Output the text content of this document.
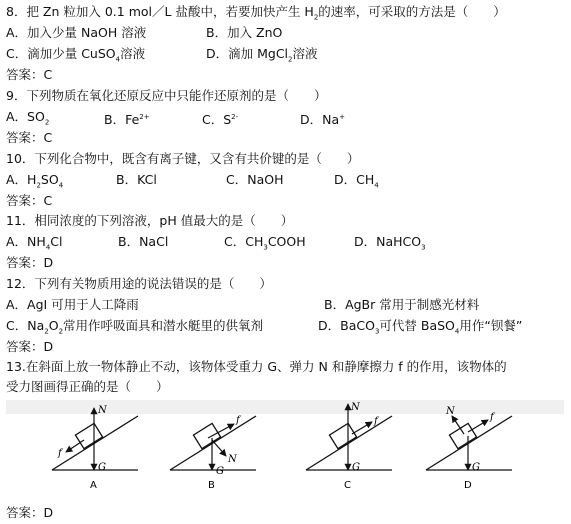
8．把 Zn 粒加入 0.1 mol／L 盐酸中，若要加快产生 $H_2$的速率，可采取的方法是（　　）
A．加入少量 NaOH 溶液	B．加入 ZnO
C．滴加少量 CuSO$_4$溶液	D．滴加 MgCl$_2$溶液
答案：C
9．下列物质在氧化还原反应中只能作还原剂的是（　　）
A．$SO_2$	B．$Fe^{2+}$	C．$S^{2-}$	D．Na+
答案：C
10．下列化合物中，既含有离子键，又含有共价键的是（　　）
A．$H_2SO_4$	B．KCl	C．NaOH	D．$CH_4$
答案：C
11．相同浓度的下列溶液，pH 值最大的是（　　）
A．$NH_4Cl$	B．NaCl	C．$CH_3COOH$	D．NaHCO$_3$
答案：D
12．下列有关物质用途的说法错误的是（　　）
A．AgI 可用于人工降雨	B．AgBr 常用于制感光材料
C．$Na_2O_2$常用作呼吸面具和潜水艇里的供氧剂	D．BaCO$_3$可代替 BaSO$_4$用作“钡餐”
答案：D
13.在斜面上放一物体静止不动，该物体受重力 G、弹力 N 和静摩擦力 f 的作用，该物体的
受力图画得正确的是（　　）
N
f
G
A
f
N
G
B
N
f
G
C
N
f
G
D
答案：D
